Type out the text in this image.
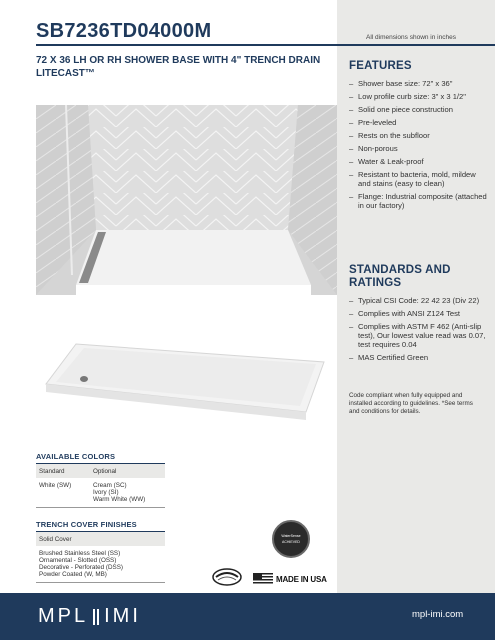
SB7236TD04000M	All dimensions shown in inches
72 X 36 LH OR RH SHOWER BASE WITH 4" TRENCH DRAIN LITECAST™
FEATURES
– Shower base size: 72" x 36"
– Low profile curb size: 3" x 3 1/2"
– Solid one piece construction
– Pre-leveled
– Rests on the subfloor
– Non-porous
– Water & Leak-proof
– Resistant to bacteria, mold, mildew and stains (easy to clean)
– Flange: Industrial composite (attached in our factory)
STANDARDS AND RATINGS
– Typical CSI Code: 22 42 23 (Div 22)
– Complies with ANSI Z124 Test
– Complies with ASTM F 462 (Anti-slip test), Our lowest value read was 0.07, test requires 0.04
– MAS Certified Green
Code compliant when fully equipped and installed according to guidelines. *See terms and conditions for details.
AVAILABLE COLORS
Standard	Optional
White (SW)	Cream (SC)
Ivory (SI)
Warm White (WW)
TRENCH COVER FINISHES
Solid Cover
Brushed Stainless Steel (SS)
Ornamental - Slotted (OSS)
Decorative - Perforated (DSS)
Powder Coated (W, MB)
WaterSense
ACHIEVED
MADE IN USA
MPL IMI	mpl-imi.com
